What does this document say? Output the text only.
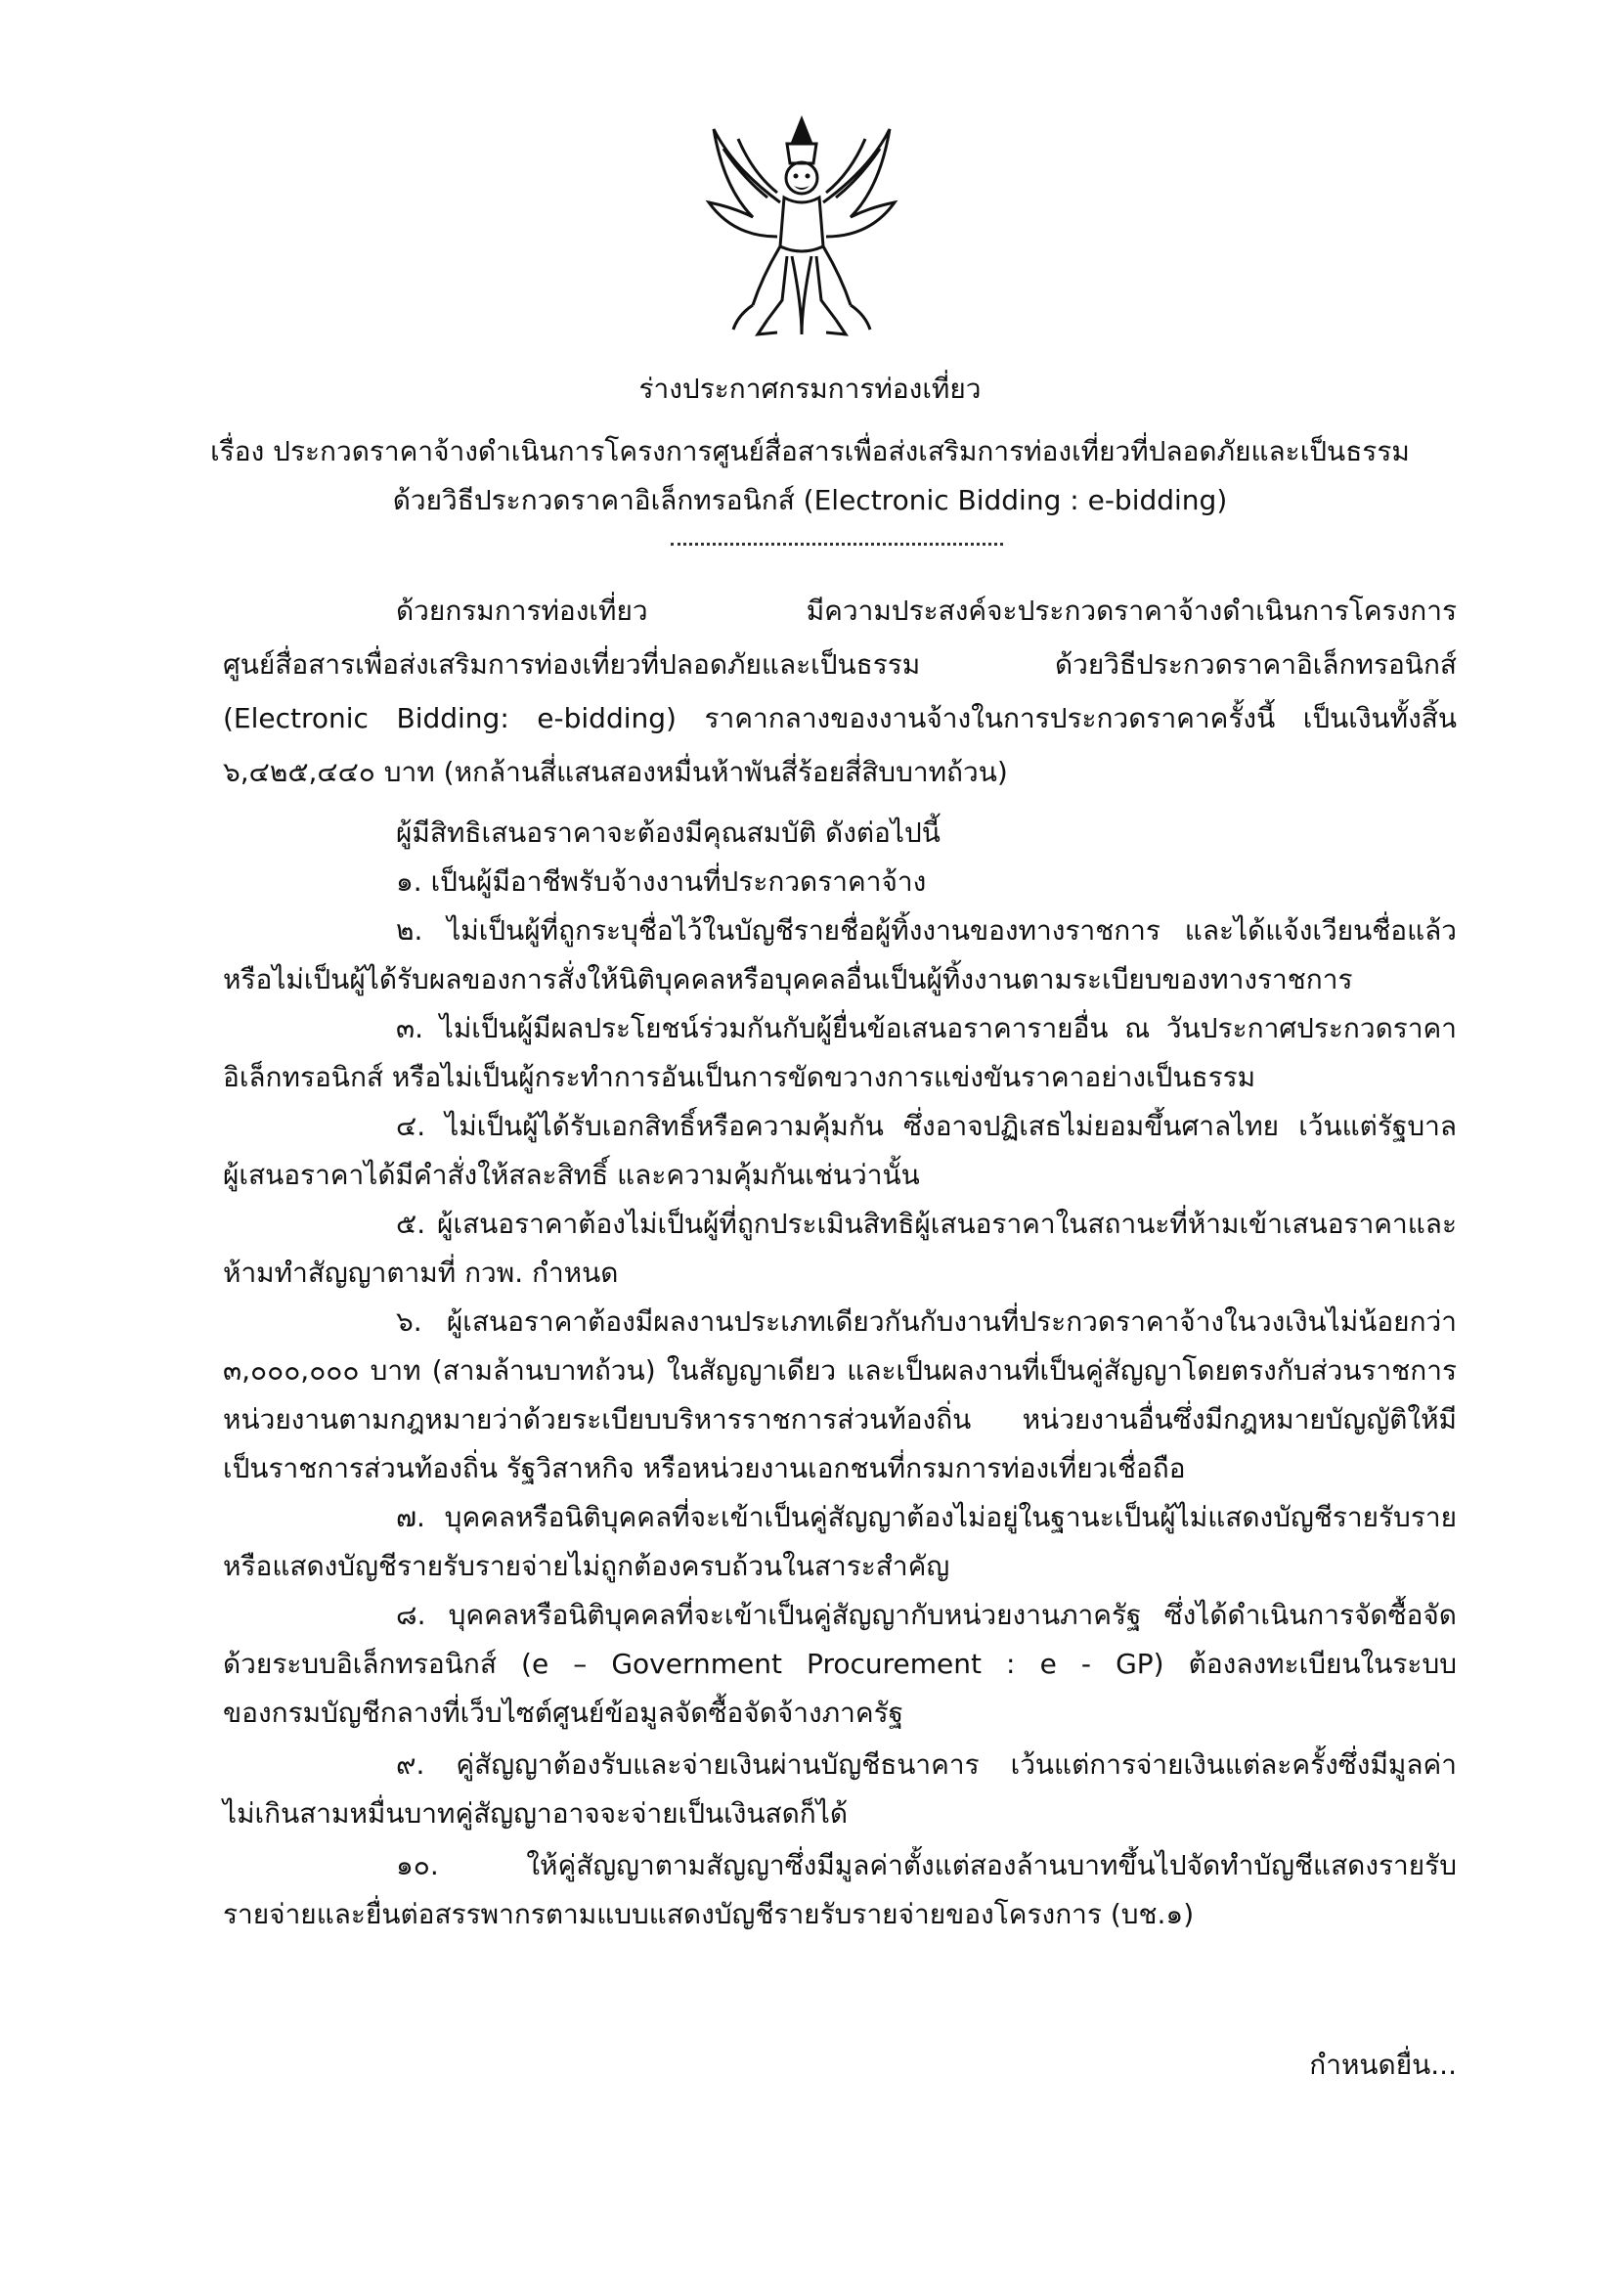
ร่างประกาศกรมการท่องเที่ยว
เรื่อง ประกวดราคาจ้างดำเนินการโครงการศูนย์สื่อสารเพื่อส่งเสริมการท่องเที่ยวที่ปลอดภัยและเป็นธรรม
ด้วยวิธีประกวดราคาอิเล็กทรอนิกส์ (Electronic Bidding : e-bidding)
ด้วยกรมการท่องเที่ยว มีความประสงค์จะประกวดราคาจ้างดำเนินการโครงการ
ศูนย์สื่อสารเพื่อส่งเสริมการท่องเที่ยวที่ปลอดภัยและเป็นธรรม ด้วยวิธีประกวดราคาอิเล็กทรอนิกส์
(Electronic Bidding: e-bidding) ราคากลางของงานจ้างในการประกวดราคาครั้งนี้ เป็นเงินทั้งสิ้น
๖,๔๒๕,๔๔๐ บาท (หกล้านสี่แสนสองหมื่นห้าพันสี่ร้อยสี่สิบบาทถ้วน)
ผู้มีสิทธิเสนอราคาจะต้องมีคุณสมบัติ ดังต่อไปนี้
๑. เป็นผู้มีอาชีพรับจ้างงานที่ประกวดราคาจ้าง
๒. ไม่เป็นผู้ที่ถูกระบุชื่อไว้ในบัญชีรายชื่อผู้ทิ้งงานของทางราชการ และได้แจ้งเวียนชื่อแล้ว
หรือไม่เป็นผู้ได้รับผลของการสั่งให้นิติบุคคลหรือบุคคลอื่นเป็นผู้ทิ้งงานตามระเบียบของทางราชการ
๓. ไม่เป็นผู้มีผลประโยชน์ร่วมกันกับผู้ยื่นข้อเสนอราคารายอื่น ณ วันประกาศประกวดราคา
อิเล็กทรอนิกส์ หรือไม่เป็นผู้กระทำการอันเป็นการขัดขวางการแข่งขันราคาอย่างเป็นธรรม
๔. ไม่เป็นผู้ได้รับเอกสิทธิ์หรือความคุ้มกัน ซึ่งอาจปฏิเสธไม่ยอมขึ้นศาลไทย เว้นแต่รัฐบาล
ผู้เสนอราคาได้มีคำสั่งให้สละสิทธิ์ และความคุ้มกันเช่นว่านั้น
๕. ผู้เสนอราคาต้องไม่เป็นผู้ที่ถูกประเมินสิทธิผู้เสนอราคาในสถานะที่ห้ามเข้าเสนอราคาและ
ห้ามทำสัญญาตามที่ กวพ. กำหนด
๖. ผู้เสนอราคาต้องมีผลงานประเภทเดียวกันกับงานที่ประกวดราคาจ้างในวงเงินไม่น้อยกว่า
๓,๐๐๐,๐๐๐ บาท (สามล้านบาทถ้วน) ในสัญญาเดียว และเป็นผลงานที่เป็นคู่สัญญาโดยตรงกับส่วนราชการ
หน่วยงานตามกฎหมายว่าด้วยระเบียบบริหารราชการส่วนท้องถิ่น หน่วยงานอื่นซึ่งมีกฎหมายบัญญัติให้มี
เป็นราชการส่วนท้องถิ่น รัฐวิสาหกิจ หรือหน่วยงานเอกชนที่กรมการท่องเที่ยวเชื่อถือ
๗. บุคคลหรือนิติบุคคลที่จะเข้าเป็นคู่สัญญาต้องไม่อยู่ในฐานะเป็นผู้ไม่แสดงบัญชีรายรับราย
หรือแสดงบัญชีรายรับรายจ่ายไม่ถูกต้องครบถ้วนในสาระสำคัญ
๘. บุคคลหรือนิติบุคคลที่จะเข้าเป็นคู่สัญญากับหน่วยงานภาครัฐ ซึ่งได้ดำเนินการจัดซื้อจัด
ด้วยระบบอิเล็กทรอนิกส์ (e – Government Procurement : e - GP) ต้องลงทะเบียนในระบบ
ของกรมบัญชีกลางที่เว็บไซต์ศูนย์ข้อมูลจัดซื้อจัดจ้างภาครัฐ
๙. คู่สัญญาต้องรับและจ่ายเงินผ่านบัญชีธนาคาร เว้นแต่การจ่ายเงินแต่ละครั้งซึ่งมีมูลค่า
ไม่เกินสามหมื่นบาทคู่สัญญาอาจจะจ่ายเป็นเงินสดก็ได้
๑๐. ให้คู่สัญญาตามสัญญาซึ่งมีมูลค่าตั้งแต่สองล้านบาทขึ้นไปจัดทำบัญชีแสดงรายรับ
รายจ่ายและยื่นต่อสรรพากรตามแบบแสดงบัญชีรายรับรายจ่ายของโครงการ (บช.๑)
กำหนดยื่น...
